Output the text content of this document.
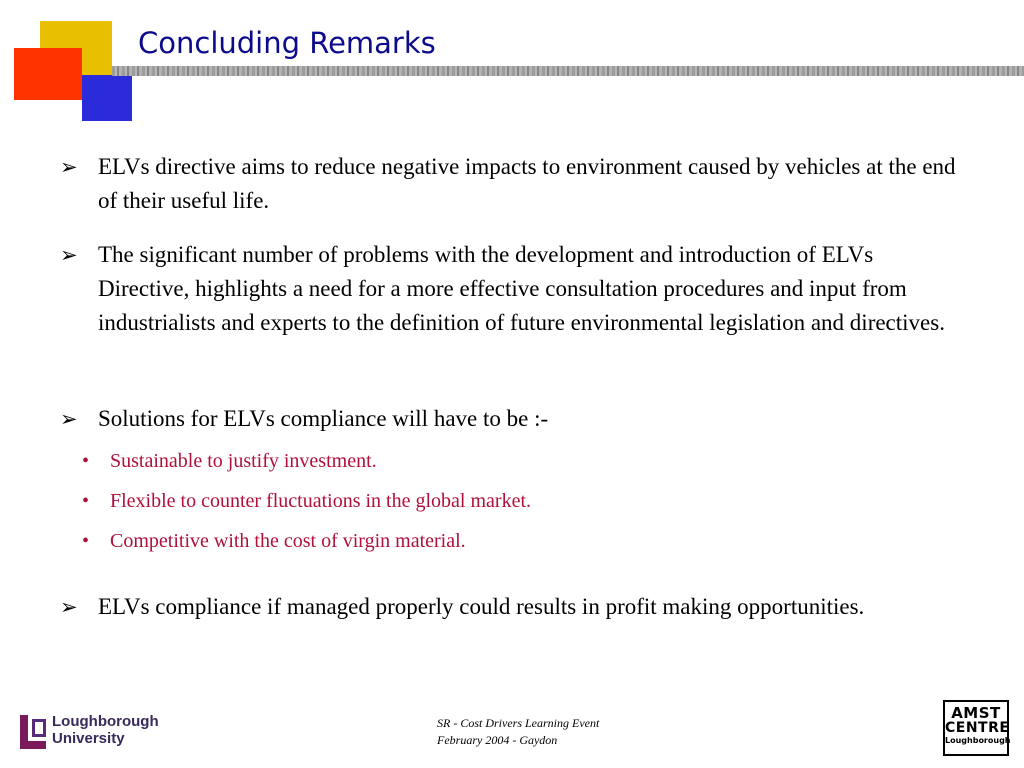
Concluding Remarks
➢ ELVs directive aims to reduce negative impacts to environment caused by vehicles at the end of their useful life.
➢ The significant number of problems with the development and introduction of ELVs Directive, highlights a need for a more effective consultation procedures and input from industrialists and experts to the definition of future environmental legislation and directives.
➢ Solutions for ELVs compliance will have to be :-
• Sustainable to justify investment.
• Flexible to counter fluctuations in the global market.
• Competitive with the cost of virgin material.
➢ ELVs compliance if managed properly could results in profit making opportunities.
Loughborough
University
SR - Cost Drivers Learning Event
February 2004 - Gaydon
AMST
CENTRE
Loughborough
